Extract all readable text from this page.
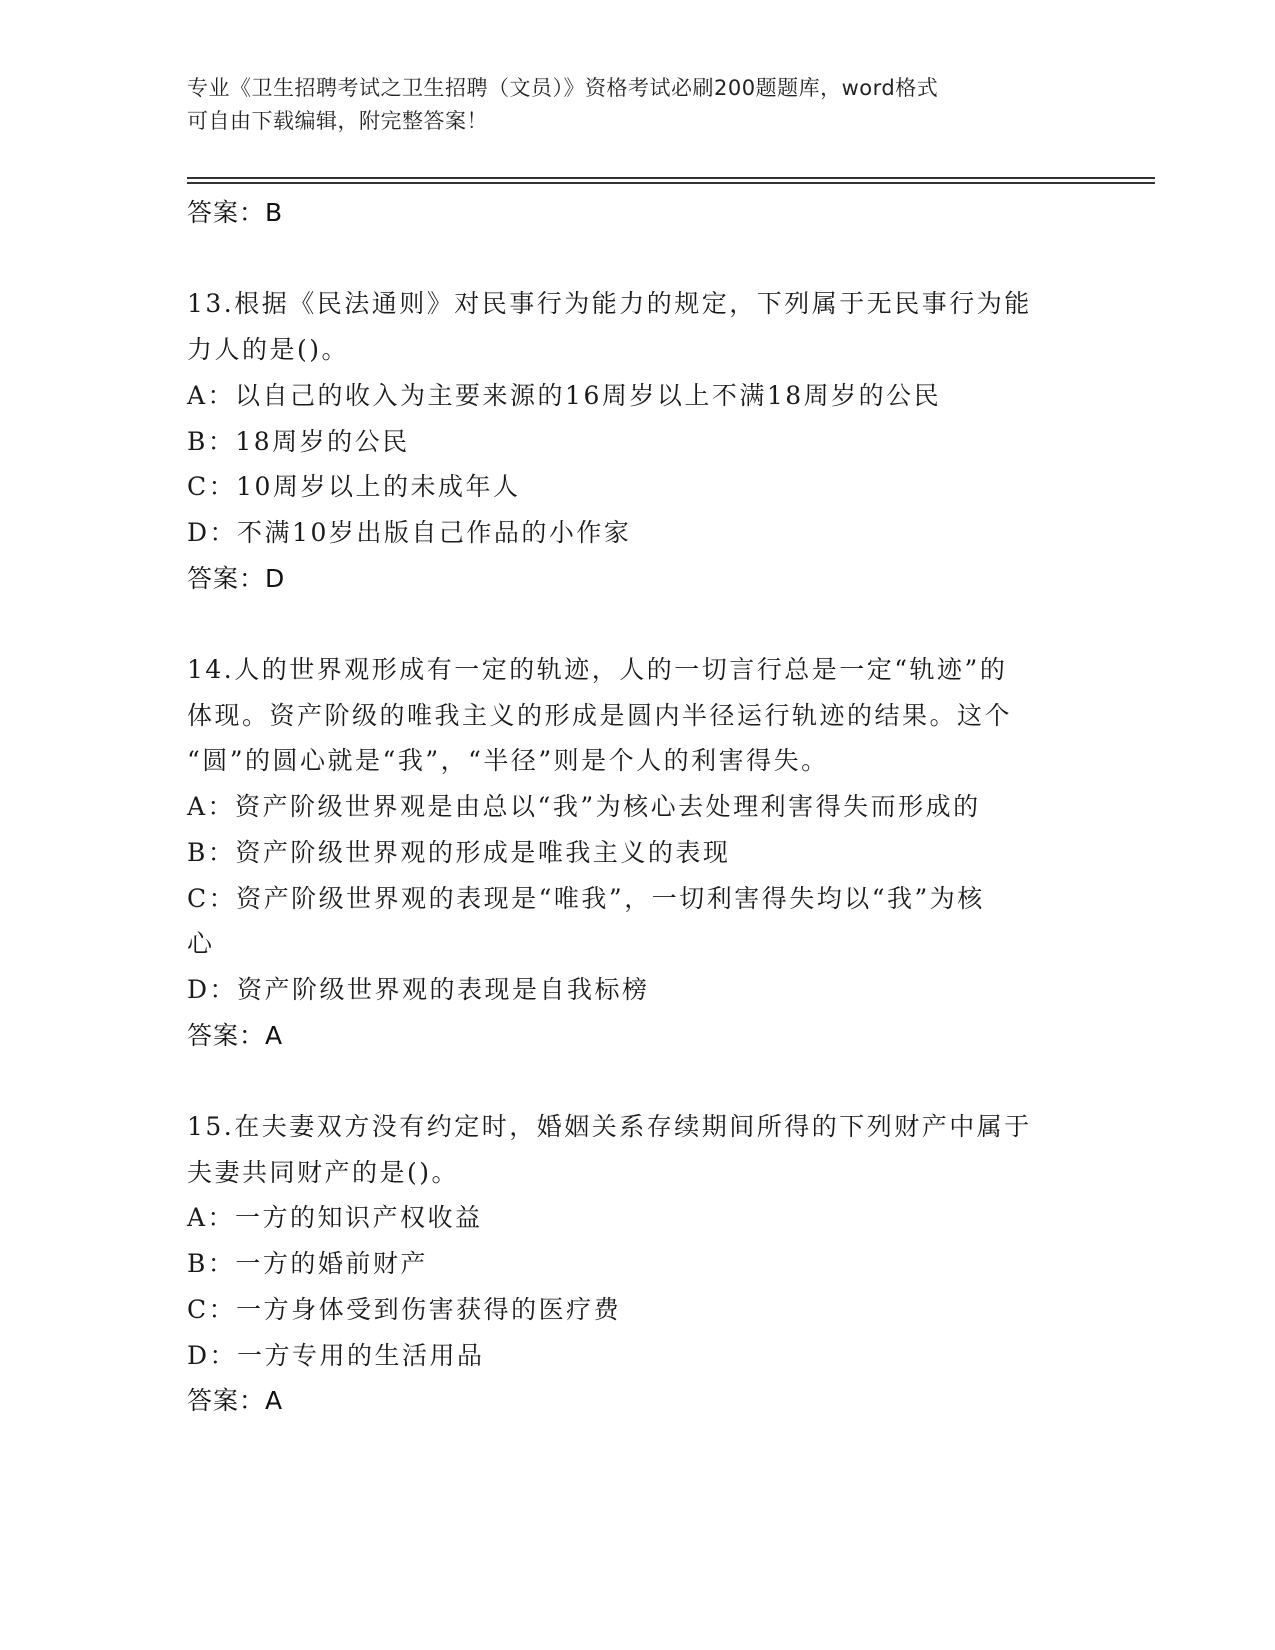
专业《卫生招聘考试之卫生招聘（文员）》资格考试必刷200题题库，word格式
可自由下载编辑，附完整答案！
答案：B
13.根据《民法通则》对民事行为能力的规定，下列属于无民事行为能
力人的是()。
A：以自己的收入为主要来源的16周岁以上不满18周岁的公民
B：18周岁的公民
C：10周岁以上的未成年人
D：不满10岁出版自己作品的小作家
答案：D
14.人的世界观形成有一定的轨迹，人的一切言行总是一定“轨迹”的
体现。资产阶级的唯我主义的形成是圆内半径运行轨迹的结果。这个
“圆”的圆心就是“我”，“半径”则是个人的利害得失。
A：资产阶级世界观是由总以“我”为核心去处理利害得失而形成的
B：资产阶级世界观的形成是唯我主义的表现
C：资产阶级世界观的表现是“唯我”，一切利害得失均以“我”为核
心
D：资产阶级世界观的表现是自我标榜
答案：A
15.在夫妻双方没有约定时，婚姻关系存续期间所得的下列财产中属于
夫妻共同财产的是()。
A：一方的知识产权收益
B：一方的婚前财产
C：一方身体受到伤害获得的医疗费
D：一方专用的生活用品
答案：A
